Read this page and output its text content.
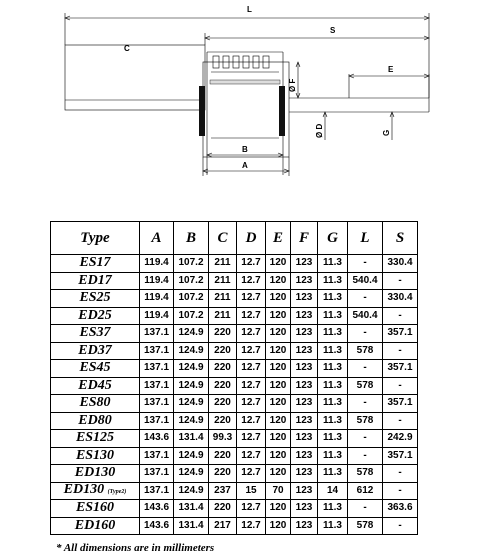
L
S
C
E
Ø F
Ø D	G
B
A
Type	A	B	C	D	E	F	G	L	S
ES17	119.4	107.2	211	12.7	120	123	11.3	-	330.4
ED17	119.4	107.2	211	12.7	120	123	11.3	540.4	-
ES25	119.4	107.2	211	12.7	120	123	11.3	-	330.4
ED25	119.4	107.2	211	12.7	120	123	11.3	540.4	-
ES37	137.1	124.9	220	12.7	120	123	11.3	-	357.1
ED37	137.1	124.9	220	12.7	120	123	11.3	578	-
ES45	137.1	124.9	220	12.7	120	123	11.3	-	357.1
ED45	137.1	124.9	220	12.7	120	123	11.3	578	-
ES80	137.1	124.9	220	12.7	120	123	11.3	-	357.1
ED80	137.1	124.9	220	12.7	120	123	11.3	578	-
ES125	143.6	131.4	99.3	12.7	120	123	11.3	-	242.9
ES130	137.1	124.9	220	12.7	120	123	11.3	-	357.1
ED130	137.1	124.9	220	12.7	120	123	11.3	578	-
ED130 (Type2)	137.1	124.9	237	15	70	123	14	612	-
ES160	143.6	131.4	220	12.7	120	123	11.3	-	363.6
ED160	143.6	131.4	217	12.7	120	123	11.3	578	-
* All dimensions are in millimeters
